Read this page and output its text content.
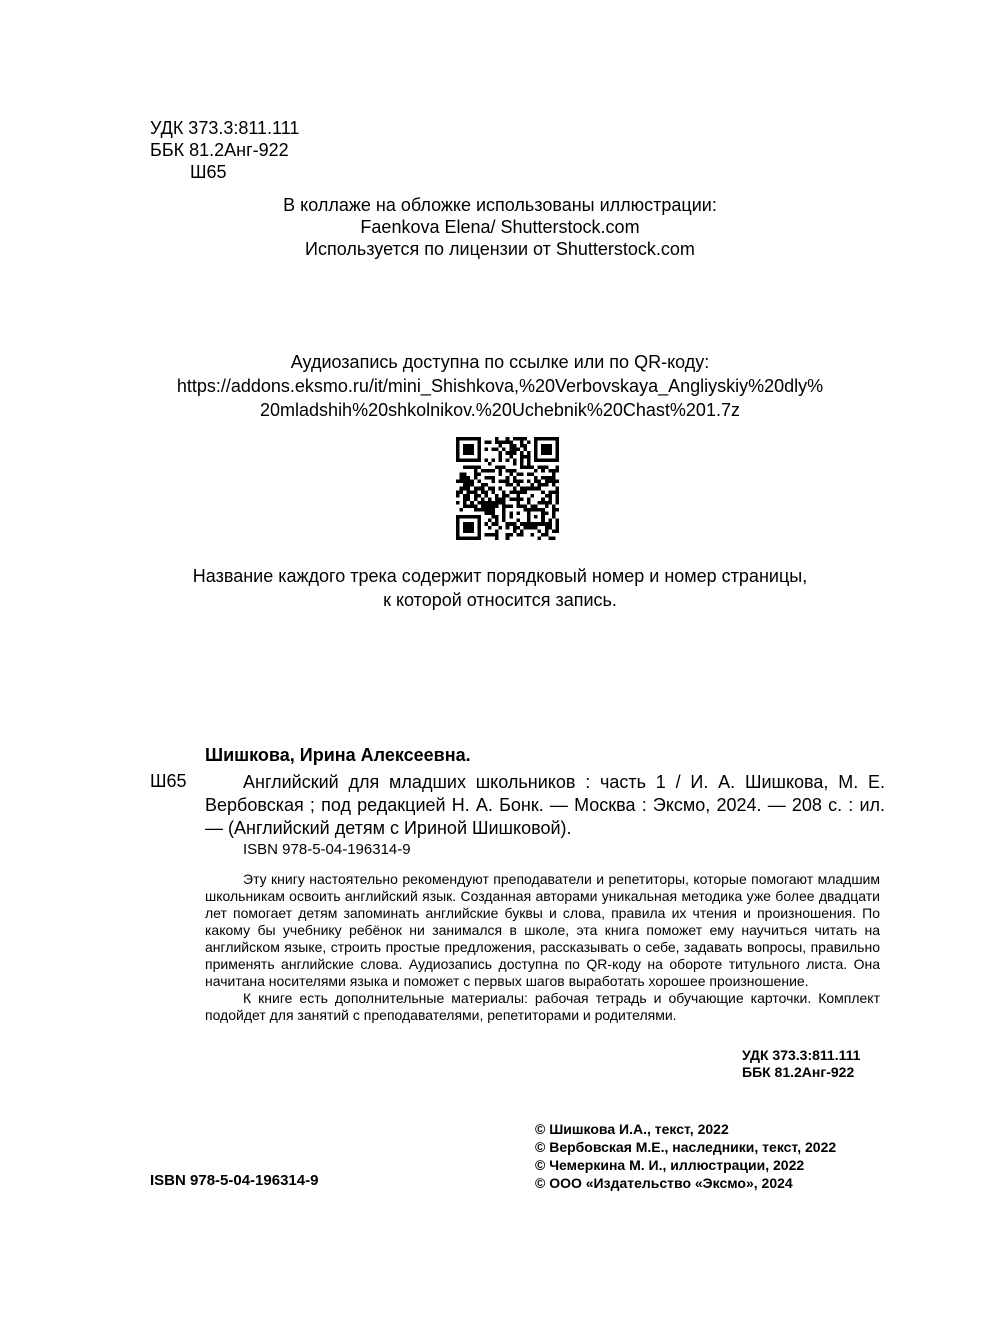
УДК 373.3:811.111
ББК 81.2Анг-922
Ш65
В коллаже на обложке использованы иллюстрации:
Faenkova Elena/ Shutterstock.com
Используется по лицензии от Shutterstock.com
Аудиозапись доступна по ссылке или по QR-коду:
https://addons.eksmo.ru/it/mini_Shishkova,%20Verbovskaya_Angliyskiy%20dly%
20mladshih%20shkolnikov.%20Uchebnik%20Chast%201.7z
Название каждого трека содержит порядковый номер и номер страницы,
к которой относится запись.
Шишкова, Ирина Алексеевна.
Ш65	Английский для младших школьников : часть 1 / И. А. Шишкова, М. Е. Вербовская ; под редакцией Н. А. Бонк. — Москва : Эксмо, 2024. — 208 с. : ил. — (Английский детям с Ириной Шишковой).
ISBN 978-5-04-196314-9

Эту книгу настоятельно рекомендуют преподаватели и репетиторы, которые помогают младшим школьникам освоить английский язык. Созданная авторами уникальная методика уже более двадцати лет помогает детям запоминать английские буквы и слова, правила их чтения и произношения. По какому бы учебнику ребёнок ни занимался в школе, эта книга поможет ему научиться читать на английском языке, строить простые предложения, рассказывать о себе, задавать вопросы, правильно применять английские слова. Аудиозапись доступна по QR-коду на обороте титульного листа. Она начитана носителями языка и поможет с первых шагов выработать хорошее произношение.

К книге есть дополнительные материалы: рабочая тетрадь и обучающие карточки. Комплект подойдет для занятий с преподавателями, репетиторами и родителями.

УДК 373.3:811.111
ББК 81.2Анг-922
© Шишкова И.А., текст, 2022
© Вербовская М.Е., наследники, текст, 2022
© Чемеркина М. И., иллюстрации, 2022
© ООО «Издательство «Эксмо», 2024
ISBN 978-5-04-196314-9
